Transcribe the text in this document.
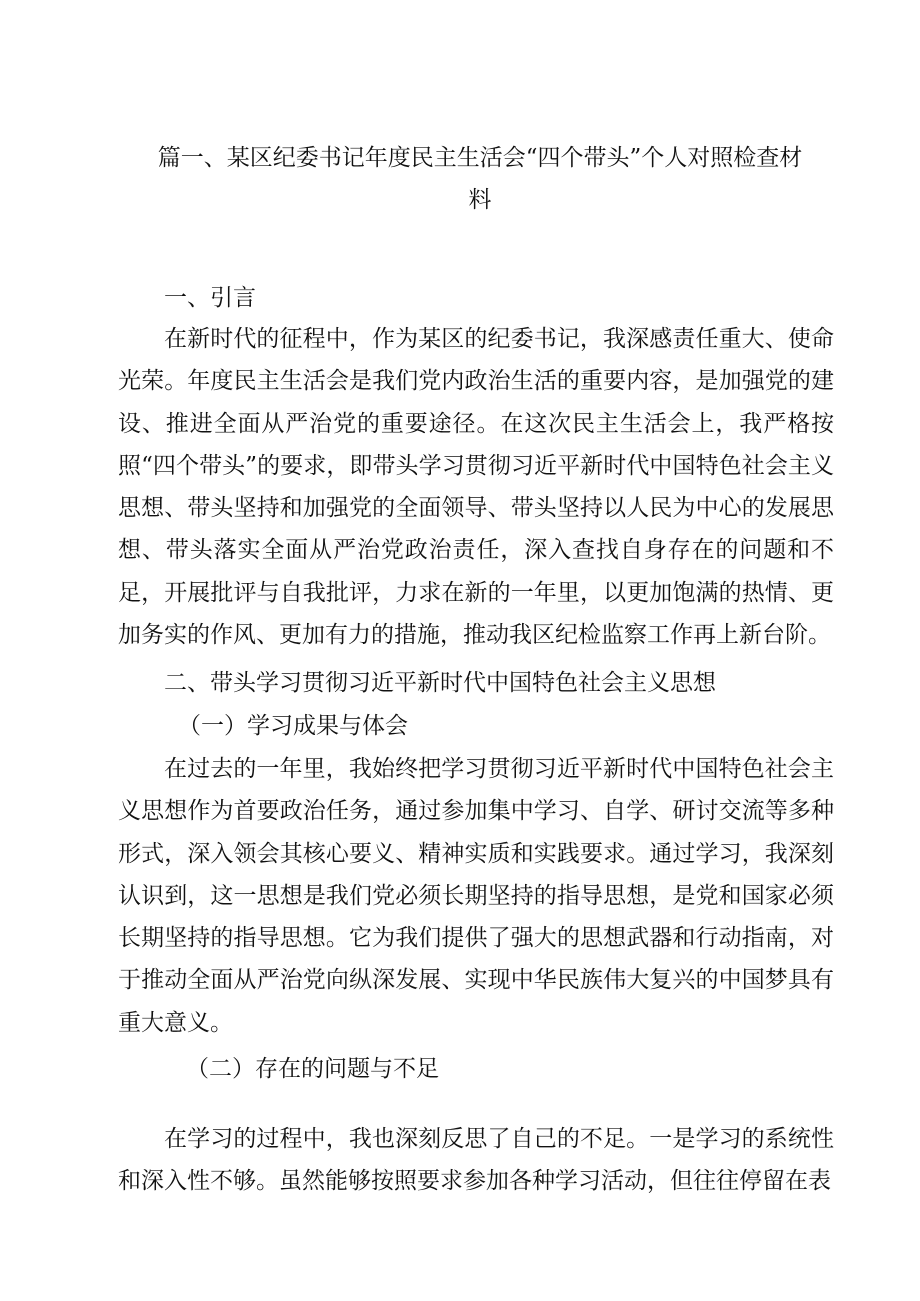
篇一、某区纪委书记年度民主生活会“四个带头”个人对照检查材
料
一、引言

在新时代的征程中，作为某区的纪委书记，我深感责任重大、使命光荣。年度民主生活会是我们党内政治生活的重要内容，是加强党的建设、推进全面从严治党的重要途径。在这次民主生活会上，我严格按照“四个带头”的要求，即带头学习贯彻习近平新时代中国特色社会主义思想、带头坚持和加强党的全面领导、带头坚持以人民为中心的发展思想、带头落实全面从严治党政治责任，深入查找自身存在的问题和不足，开展批评与自我批评，力求在新的一年里，以更加饱满的热情、更加务实的作风、更加有力的措施，推动我区纪检监察工作再上新台阶。

二、带头学习贯彻习近平新时代中国特色社会主义思想
（一）学习成果与体会

在过去的一年里，我始终把学习贯彻习近平新时代中国特色社会主义思想作为首要政治任务，通过参加集中学习、自学、研讨交流等多种形式，深入领会其核心要义、精神实质和实践要求。通过学习，我深刻认识到，这一思想是我们党必须长期坚持的指导思想，是党和国家必须长期坚持的指导思想。它为我们提供了强大的思想武器和行动指南，对于推动全面从严治党向纵深发展、实现中华民族伟大复兴的中国梦具有重大意义。

（二）存在的问题与不足

在学习的过程中，我也深刻反思了自己的不足。一是学习的系统性和深入性不够。虽然能够按照要求参加各种学习活动，但往往停留在表
